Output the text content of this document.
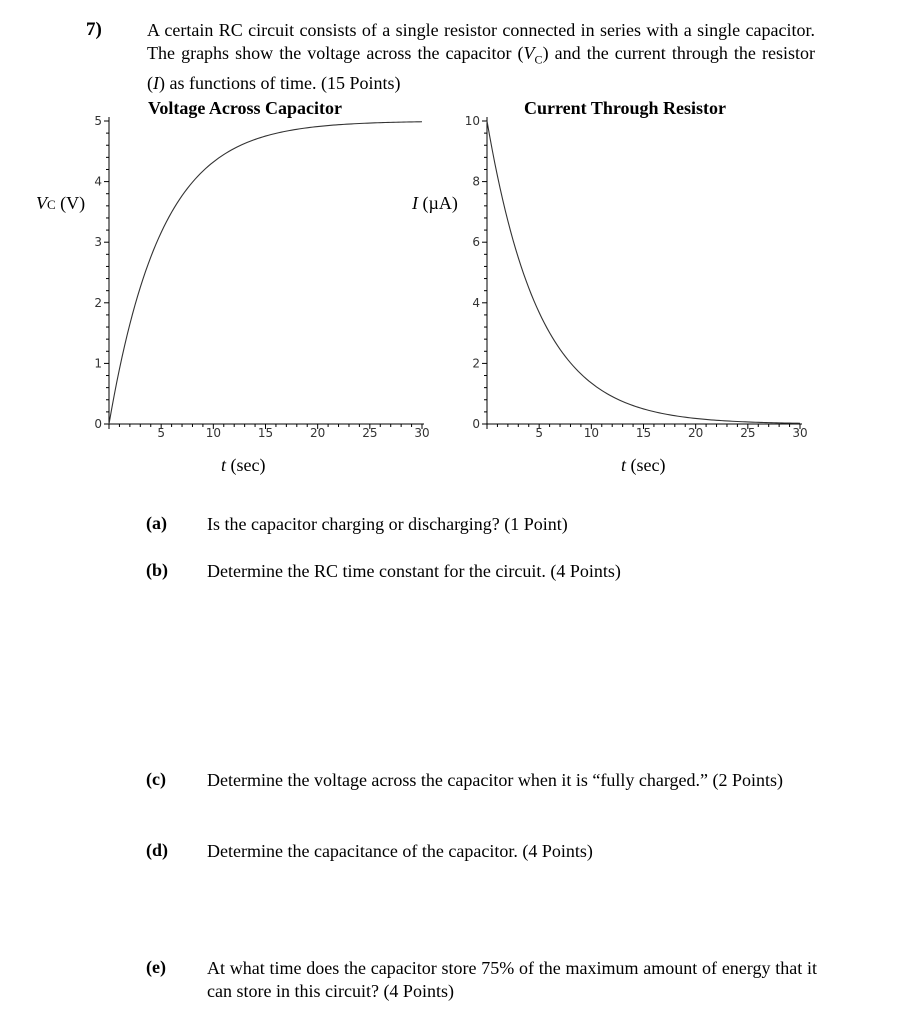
7)	A certain RC circuit consists of a single resistor connected in series with a single capacitor. The graphs show the voltage across the capacitor $(V_C)$ and the current through the resistor (I) as functions of time. (15 Points)
Voltage Across Capacitor	Current Through Resistor
VC (V)	I (µA)
5	10	15	20	25	30
0
1
2
3
4
5
5	10	15	20	25	30
0
2
4
6
8
10
t (sec)	t (sec)
(a) Is the capacitor charging or discharging? (1 Point)
(b) Determine the RC time constant for the circuit. (4 Points)
(c) Determine the voltage across the capacitor when it is “fully charged.” (2 Points)
(d) Determine the capacitance of the capacitor. (4 Points)
(e) At what time does the capacitor store 75% of the maximum amount of energy that it can store in this circuit? (4 Points)
